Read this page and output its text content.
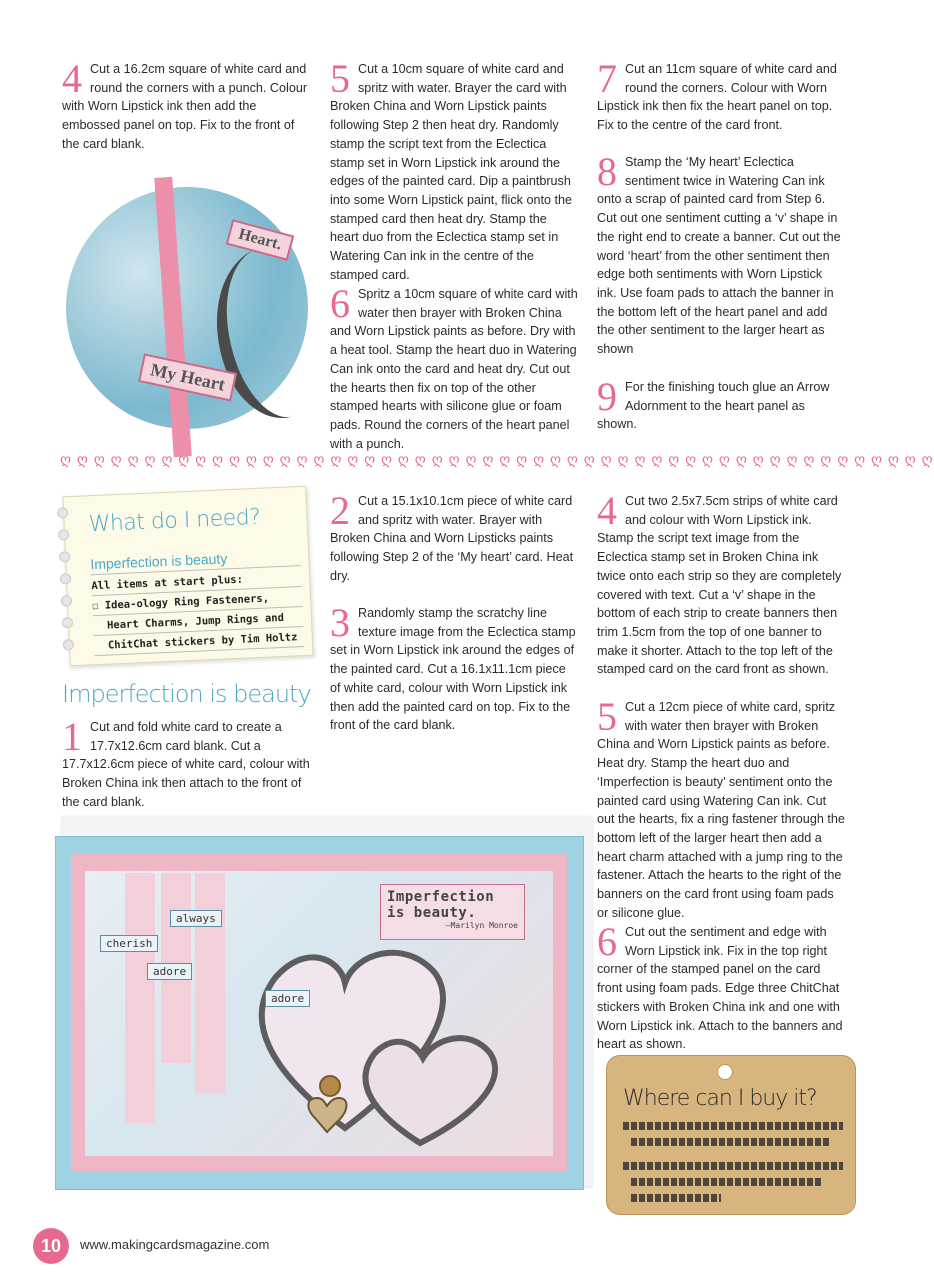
4 Cut a 16.2cm square of white card and round the corners with a punch. Colour with Worn Lipstick ink then add the embossed panel on top. Fix to the front of the card blank.

Heart.
My Heart
5 Cut a 10cm square of white card and spritz with water. Brayer the card with Broken China and Worn Lipstick paints following Step 2 then heat dry. Randomly stamp the script text from the Eclectica stamp set in Worn Lipstick ink around the edges of the painted card. Dip a paintbrush into some Worn Lipstick paint, flick onto the stamped card then heat dry. Stamp the heart duo from the Eclectica stamp set in Watering Can ink in the centre of the stamped card.

6 Spritz a 10cm square of white card with water then brayer with Broken China and Worn Lipstick paints as before. Dry with a heat tool. Stamp the heart duo in Watering Can ink onto the card and heat dry. Cut out the hearts then fix on top of the other stamped hearts with silicone glue or foam pads. Round the corners of the heart panel with a punch.

7 Cut an 11cm square of white card and round the corners. Colour with Worn Lipstick ink then fix the heart panel on top. Fix to the centre of the card front.

8 Stamp the ‘My heart’ Eclectica sentiment twice in Watering Can ink onto a scrap of painted card from Step 6. Cut out one sentiment cutting a ‘v’ shape in the right end to create a banner. Cut out the word ‘heart’ from the other sentiment then edge both sentiments with Worn Lipstick ink. Use foam pads to attach the banner in the bottom left of the heart panel and add the other sentiment to the larger heart as shown

9 For the finishing touch glue an Arrow Adornment to the heart panel as shown.

ღ ღ ღ ღ ღ ღ ღ ღ ღ ღ ღ ღ ღ ღ ღ ღ ღ ღ ღ ღ ღ ღ ღ ღ ღ ღ ღ ღ ღ ღ ღ ღ ღ ღ ღ ღ ღ ღ ღ ღ ღ ღ ღ ღ ღ ღ ღ ღ ღ ღ ღ ღ
What do I need?
Imperfection is beauty
All items at start plus:
☐ Idea-ology Ring Fasteners,
Heart Charms, Jump Rings and
ChitChat stickers by Tim Holtz
Imperfection is beauty
1 Cut and fold white card to create a 17.7x12.6cm card blank. Cut a 17.7x12.6cm piece of white card, colour with Broken China ink then attach to the front of the card blank.

2 Cut a 15.1x10.1cm piece of white card and spritz with water. Brayer with Broken China and Worn Lipsticks paints following Step 2 of the ‘My heart’ card. Heat dry.

3 Randomly stamp the scratchy line texture image from the Eclectica stamp set in Worn Lipstick ink around the edges of the painted card. Cut a 16.1x11.1cm piece of white card, colour with Worn Lipstick ink then add the painted card on top. Fix to the front of the card blank.

4 Cut two 2.5x7.5cm strips of white card and colour with Worn Lipstick ink. Stamp the script text image from the Eclectica stamp set in Broken China ink twice onto each strip so they are completely covered with text. Cut a ‘v’ shape in the bottom of each strip to create banners then trim 1.5cm from the top of one banner to make it shorter. Attach to the top left of the stamped card on the card front as shown.

5 Cut a 12cm piece of white card, spritz with water then brayer with Broken China and Worn Lipstick paints as before. Heat dry. Stamp the heart duo and ‘Imperfection is beauty’ sentiment onto the painted card using Watering Can ink. Cut out the hearts, fix a ring fastener through the bottom left of the larger heart then add a heart charm attached with a jump ring to the fastener. Attach the hearts to the right of the banners on the card front using foam pads or silicone glue.

6 Cut out the sentiment and edge with Worn Lipstick ink. Fix in the top right corner of the stamped panel on the card front using foam pads. Edge three ChitChat stickers with Broken China ink and one with Worn Lipstick ink. Attach to the banners and heart as shown.

always
cherish
adore
adore
Imperfection
is beauty.
—Marilyn Monroe
Where can I buy it?
10	www.makingcardsmagazine.com
